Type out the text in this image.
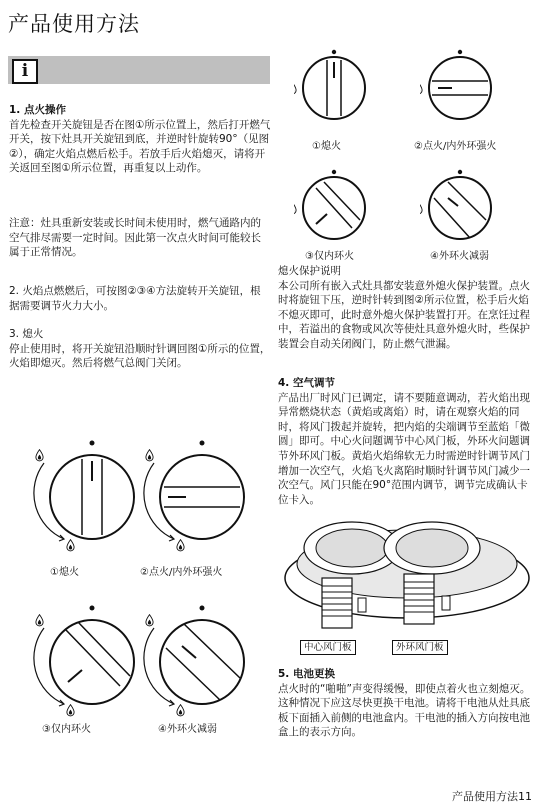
产品使用方法
i
1. 点火操作
首先检查开关旋钮是否在图①所示位置上，然后打开燃气开关，按下灶具开关旋钮到底，并逆时针旋转90°（见图②），确定火焰点燃后松手。若放手后火焰熄灭，请将开关返回至图①所示位置，再重复以上动作。
注意：灶具重新安装或长时间未使用时，燃气通路内的空气排尽需要一定时间。因此第一次点火时间可能较长属于正常情况。
2. 火焰点燃燃后，可按图②③④方法旋转开关旋钮，根据需要调节火力大小。
3. 熄火
停止使用时，将开关旋钮沿顺时针调回图①所示的位置，火焰即熄灭。然后将燃气总阀门关闭。
①熄火	②点火/内外环强火
③仅内环火	④外环火减弱
熄火保护说明
本公司所有嵌入式灶具都安装意外熄火保护装置。点火时将旋钮下压，逆时针转到图②所示位置，松手后火焰不熄灭即可，此时意外熄火保护装置打开。在烹饪过程中，若溢出的食物或风次等使灶具意外熄火时，些保护装置会自动关闭阀门，防止燃气泄漏。
4. 空气调节
产品出厂时风门已调定，请不要随意调动，若火焰出现异常燃烧状态（黄焰或离焰）时，请在观察火焰的同时，将风门拨起并旋转，把内焰的尖端调节至蓝焰「微圆」即可。中心火问题调节中心风门板，外环火问题调节外环风门板。黄焰火焰绵软无力时需逆时针调节风门增加一次空气，火焰飞火离陷时顺时针调节风门减少一次空气。风门只能在90°范围内调节，调节完成确认卡位卡入。
中心风门板	外环风门板
5. 电池更换
点火时的“啪啪”声变得缓慢，即使点着火也立刻熄灭。这种情况下应这尽快更换干电池。请将干电池从灶具底板下面插入前侧的电池盒内。干电池的插入方向按电池盒上的表示方向。
①熄火	②点火/内外环强火
③仅内环火	④外环火减弱
产品使用方法11
